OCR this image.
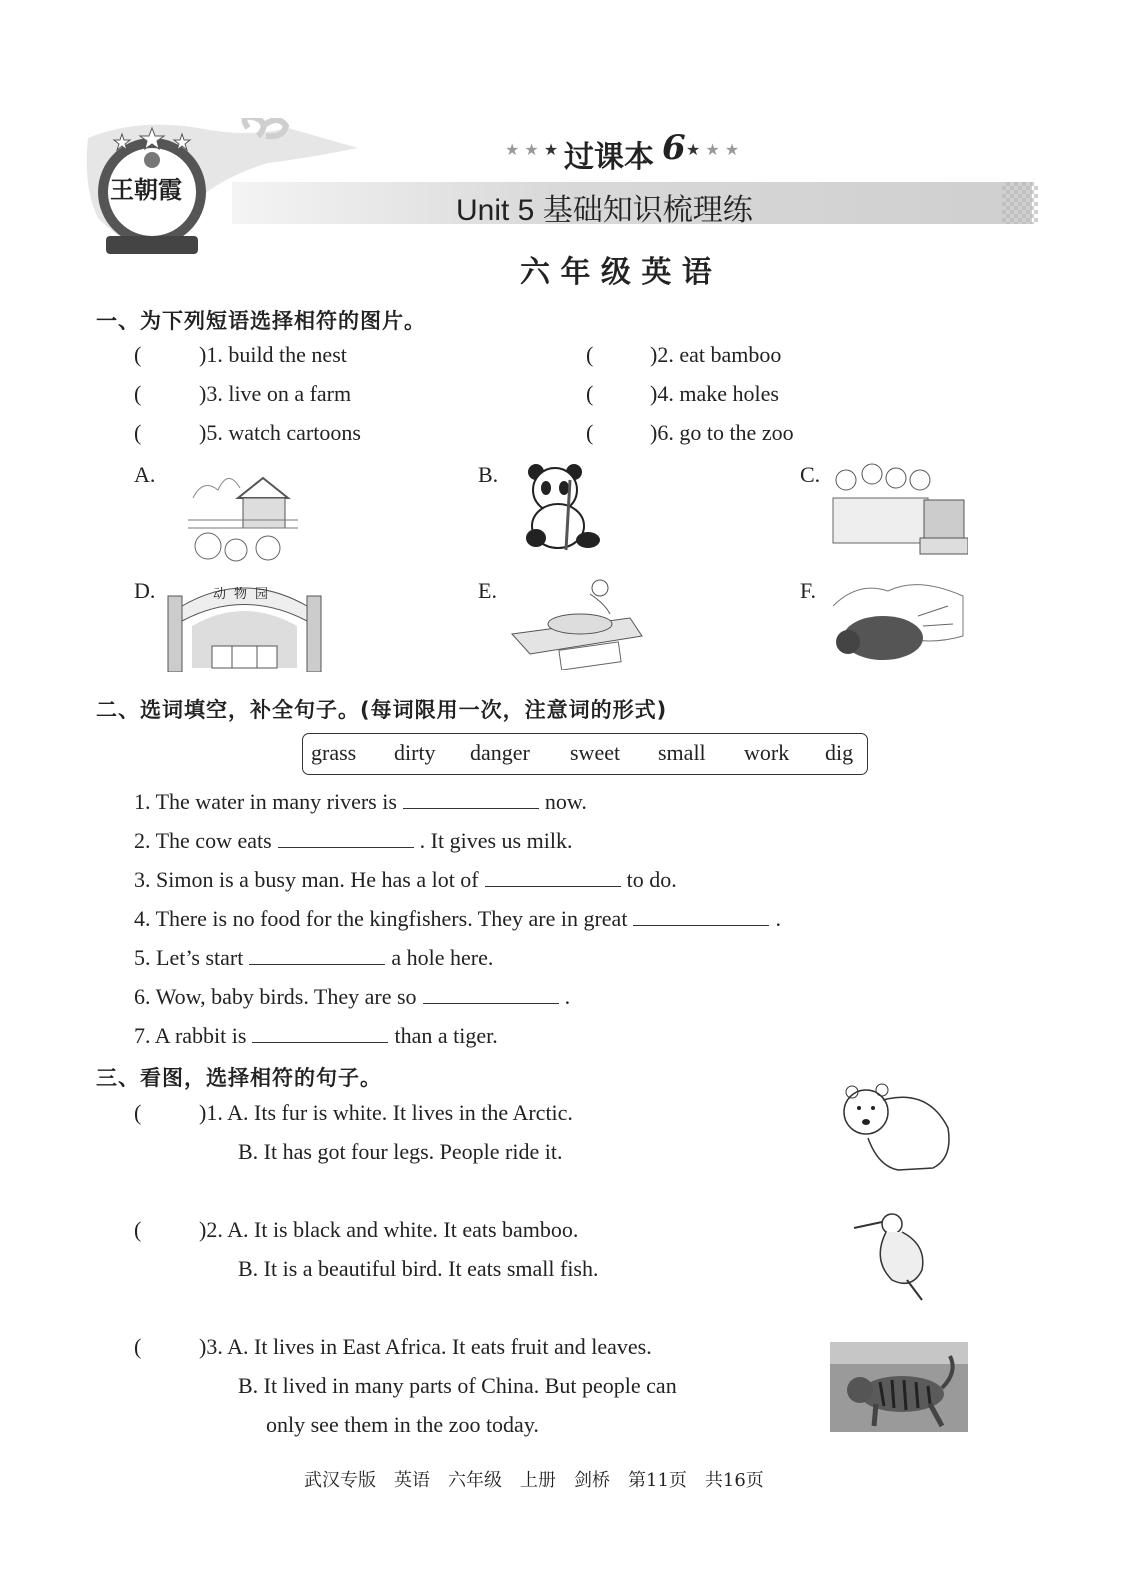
王朝霞
★ ★ ★ 过课本 6 ★ ★ ★
Unit 5 基础知识梳理练
六 年 级 英 语
一、为下列短语选择相符的图片。
(	)1. build the nest	(	)2. eat bamboo
(	)3. live on a farm	(	)4. make holes
(	)5. watch cartoons	(	)6. go to the zoo
A.	B.	C.
D.	E.	F.
动物园
二、选词填空，补全句子。(每词限用一次，注意词的形式)
grass dirty danger sweet small work dig
1. The water in many rivers is	now.
2. The cow eats	. It gives us milk.
3. Simon is a busy man. He has a lot of	to do.
4. There is no food for the kingfishers. They are in great	.
5. Let’s start	a hole here.
6. Wow, baby birds. They are so	.
7. A rabbit is	than a tiger.
三、看图，选择相符的句子。
(	)1. A. Its fur is white. It lives in the Arctic.
B. It has got four legs. People ride it.
(	)2. A. It is black and white. It eats bamboo.
B. It is a beautiful bird. It eats small fish.
(	)3. A. It lives in East Africa. It eats fruit and leaves.
B. It lived in many parts of China. But people can
only see them in the zoo today.
武汉专版　英语　六年级　上册　剑桥　第11页　共16页
